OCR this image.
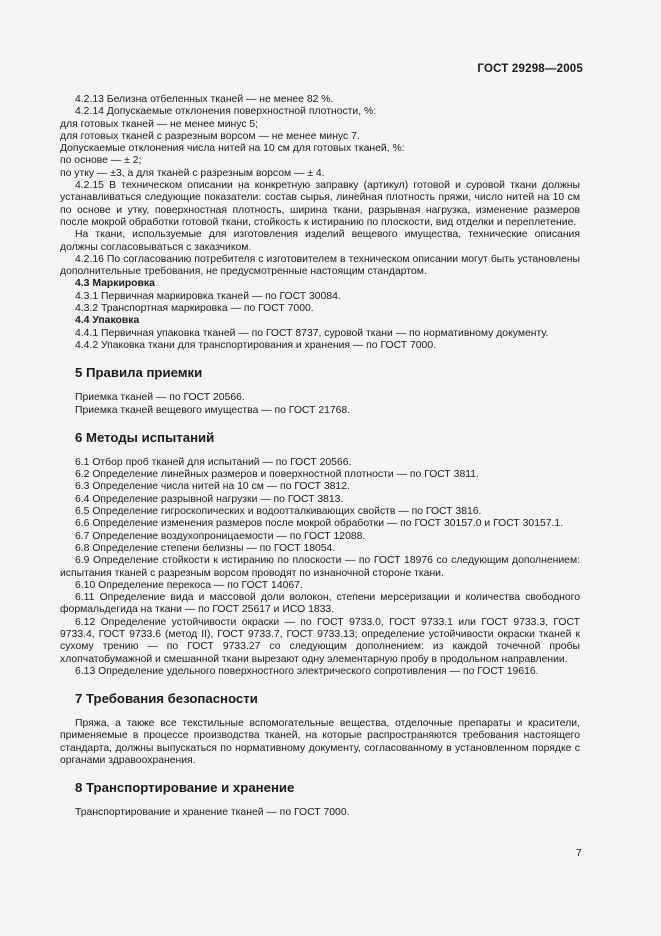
ГОСТ 29298—2005

4.2.13 Белизна отбеленных тканей — не менее 82 %.

4.2.14 Допускаемые отклонения поверхностной плотности, %:

для готовых тканей — не менее минус 5;

для готовых тканей с разрезным ворсом — не менее минус 7.

Допускаемые отклонения числа нитей на 10 см для готовых тканей, %:

по основе — ± 2;

по утку — ±3, а для тканей с разрезным ворсом — ± 4.

4.2.15 В техническом описании на конкретную заправку (артикул) готовой и суровой ткани должны устанавливаться следующие показатели: состав сырья, линейная плотность пряжи, число нитей на 10 см по основе и утку, поверхностная плотность, ширина ткани, разрывная нагрузка, изменение размеров после мокрой обработки готовой ткани, стойкость к истиранию по плоскости, вид отделки и переплетение.

На ткани, используемые для изготовления изделий вещевого имущества, технические описания должны согласовываться с заказчиком.

4.2.16 По согласованию потребителя с изготовителем в техническом описании могут быть установлены дополнительные требования, не предусмотренные настоящим стандартом.

4.3 Маркировка

4.3.1 Первичная маркировка тканей — по ГОСТ 30084.

4.3.2 Транспортная маркировка — по ГОСТ 7000.

4.4 Упаковка

4.4.1 Первичная упаковка тканей — по ГОСТ 8737, суровой ткани — по нормативному документу.

4.4.2 Упаковка ткани для транспортирования и хранения — по ГОСТ 7000.

5 Правила приемки

Приемка тканей — по ГОСТ 20566.

Приемка тканей вещевого имущества — по ГОСТ 21768.

6 Методы испытаний

6.1 Отбор проб тканей для испытаний — по ГОСТ 20566.

6.2 Определение линейных размеров и поверхностной плотности — по ГОСТ 3811.

6.3 Определение числа нитей на 10 см — по ГОСТ 3812.

6.4 Определение разрывной нагрузки — по ГОСТ 3813.

6.5 Определение гигроскопических и водоотталкивающих свойств — по ГОСТ 3816.

6.6 Определение изменения размеров после мокрой обработки — по ГОСТ 30157.0 и ГОСТ 30157.1.

6.7 Определение воздухопроницаемости — по ГОСТ 12088.

6.8 Определение степени белизны — по ГОСТ 18054.

6.9 Определение стойкости к истиранию по плоскости — по ГОСТ 18976 со следующим дополнением: испытания тканей с разрезным ворсом проводят по изнаночной стороне ткани.

6.10 Определение перекоса — по ГОСТ 14067.

6.11 Определение вида и массовой доли волокон, степени мерсеризации и количества свободного формальдегида на ткани — по ГОСТ 25617 и ИСО 1833.

6.12 Определение устойчивости окраски — по ГОСТ 9733.0, ГОСТ 9733.1 или ГОСТ 9733.3, ГОСТ 9733.4, ГОСТ 9733.6 (метод II), ГОСТ 9733.7, ГОСТ 9733.13; определение устойчивости окраски тканей к сухому трению — по ГОСТ 9733.27 со следующим дополнением: из каждой точечной пробы хлопчатобумажной и смешанной ткани вырезают одну элементарную пробу в продольном направлении.

6.13 Определение удельного поверхностного электрического сопротивления — по ГОСТ 19616.

7 Требования безопасности

Пряжа, а также все текстильные вспомогательные вещества, отделочные препараты и красители, применяемые в процессе производства тканей, на которые распространяются требования настоящего стандарта, должны выпускаться по нормативному документу, согласованному в установленном порядке с органами здравоохранения.

8 Транспортирование и хранение

Транспортирование и хранение тканей — по ГОСТ 7000.

7
